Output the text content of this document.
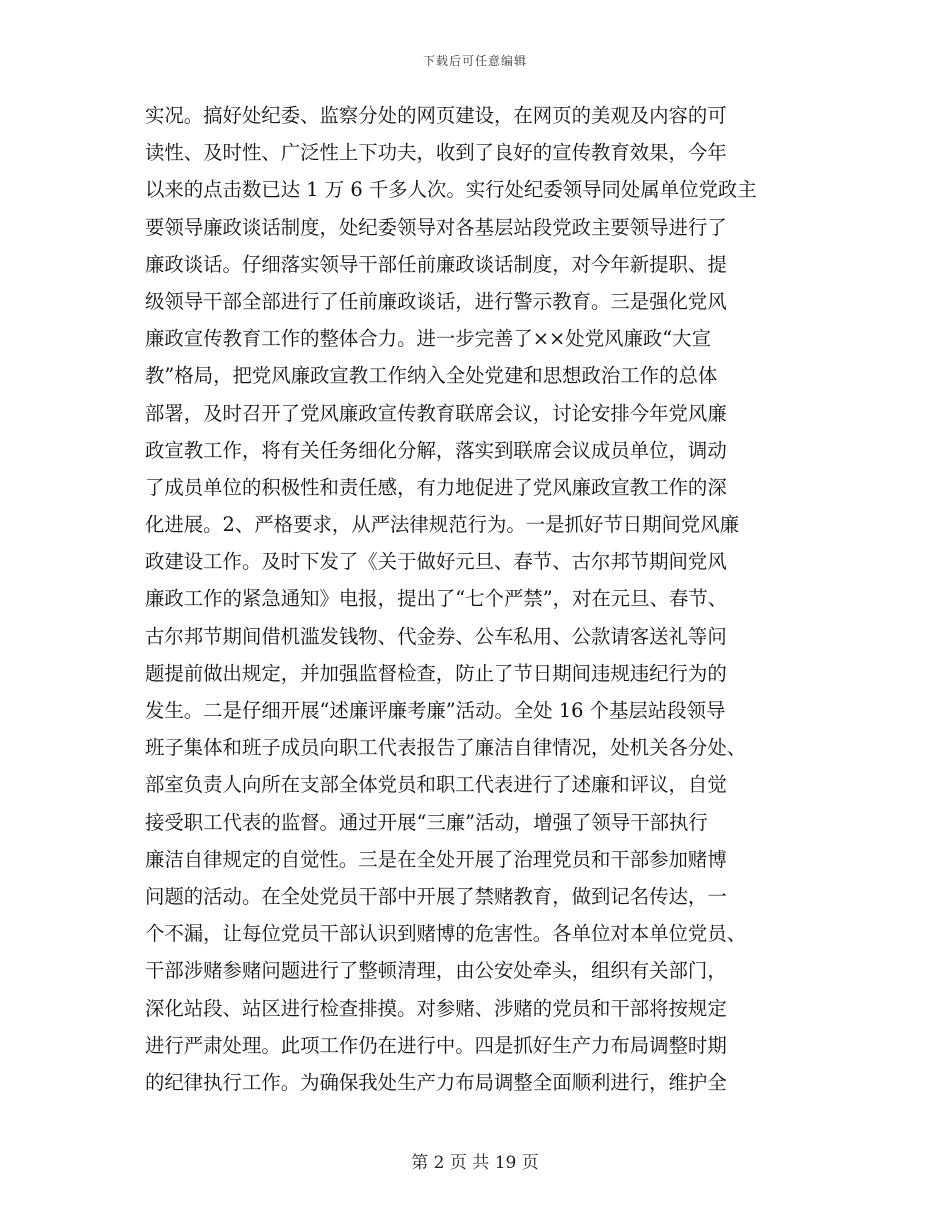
下载后可任意编辑
实况。搞好处纪委、监察分处的网页建设，在网页的美观及内容的可
读性、及时性、广泛性上下功夫，收到了良好的宣传教育效果，今年
以来的点击数已达 1 万 6 千多人次。实行处纪委领导同处属单位党政主
要领导廉政谈话制度，处纪委领导对各基层站段党政主要领导进行了
廉政谈话。仔细落实领导干部任前廉政谈话制度，对今年新提职、提
级领导干部全部进行了任前廉政谈话，进行警示教育。三是强化党风
廉政宣传教育工作的整体合力。进一步完善了××处党风廉政“大宣
教”格局，把党风廉政宣教工作纳入全处党建和思想政治工作的总体
部署，及时召开了党风廉政宣传教育联席会议，讨论安排今年党风廉
政宣教工作，将有关任务细化分解，落实到联席会议成员单位，调动
了成员单位的积极性和责任感，有力地促进了党风廉政宣教工作的深
化进展。2、严格要求，从严法律规范行为。一是抓好节日期间党风廉
政建设工作。及时下发了《关于做好元旦、春节、古尔邦节期间党风
廉政工作的紧急通知》电报，提出了“七个严禁”，对在元旦、春节、
古尔邦节期间借机滥发钱物、代金券、公车私用、公款请客送礼等问
题提前做出规定，并加强监督检查，防止了节日期间违规违纪行为的
发生。二是仔细开展“述廉评廉考廉”活动。全处 16 个基层站段领导
班子集体和班子成员向职工代表报告了廉洁自律情况，处机关各分处、
部室负责人向所在支部全体党员和职工代表进行了述廉和评议，自觉
接受职工代表的监督。通过开展“三廉”活动，增强了领导干部执行
廉洁自律规定的自觉性。三是在全处开展了治理党员和干部参加赌博
问题的活动。在全处党员干部中开展了禁赌教育，做到记名传达，一
个不漏，让每位党员干部认识到赌博的危害性。各单位对本单位党员、
干部涉赌参赌问题进行了整顿清理，由公安处牵头，组织有关部门，
深化站段、站区进行检查排摸。对参赌、涉赌的党员和干部将按规定
进行严肃处理。此项工作仍在进行中。四是抓好生产力布局调整时期
的纪律执行工作。为确保我处生产力布局调整全面顺利进行，维护全
第 2 页 共 19 页
